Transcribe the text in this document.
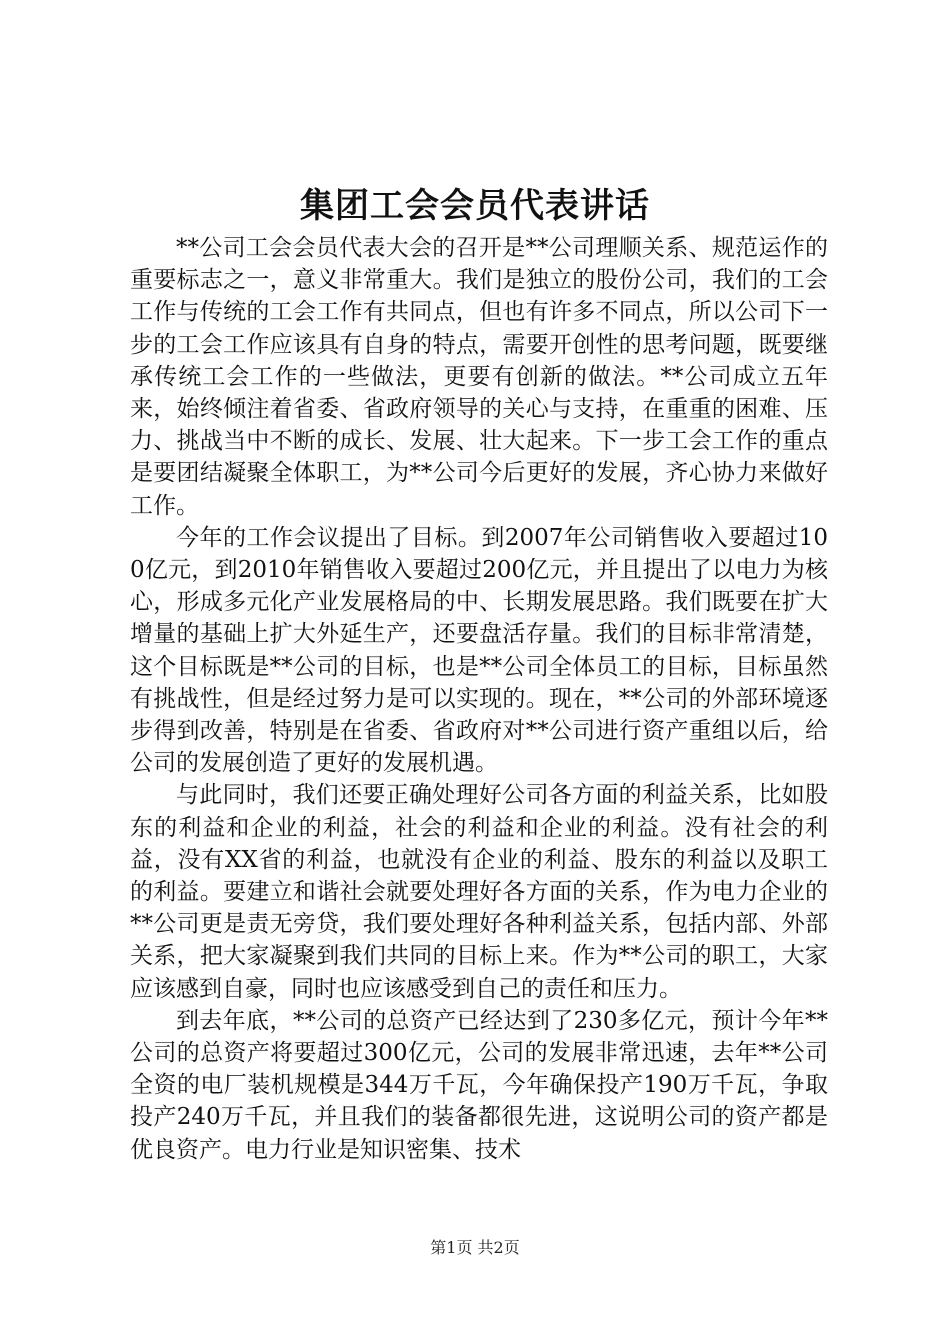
集团工会会员代表讲话

**公司工会会员代表大会的召开是**公司理顺关系、规范运作的重要标志之一，意义非常重大。我们是独立的股份公司，我们的工会工作与传统的工会工作有共同点，但也有许多不同点，所以公司下一步的工会工作应该具有自身的特点，需要开创性的思考问题，既要继承传统工会工作的一些做法，更要有创新的做法。**公司成立五年来，始终倾注着省委、省政府领导的关心与支持，在重重的困难、压力、挑战当中不断的成长、发展、壮大起来。下一步工会工作的重点是要团结凝聚全体职工，为**公司今后更好的发展，齐心协力来做好工作。

今年的工作会议提出了目标。到2007年公司销售收入要超过100亿元，到2010年销售收入要超过200亿元，并且提出了以电力为核心，形成多元化产业发展格局的中、长期发展思路。我们既要在扩大增量的基础上扩大外延生产，还要盘活存量。我们的目标非常清楚，这个目标既是**公司的目标，也是**公司全体员工的目标，目标虽然有挑战性，但是经过努力是可以实现的。现在，**公司的外部环境逐步得到改善，特别是在省委、省政府对**公司进行资产重组以后，给公司的发展创造了更好的发展机遇。

与此同时，我们还要正确处理好公司各方面的利益关系，比如股东的利益和企业的利益，社会的利益和企业的利益。没有社会的利益，没有XX省的利益，也就没有企业的利益、股东的利益以及职工的利益。要建立和谐社会就要处理好各方面的关系，作为电力企业的**公司更是责无旁贷，我们要处理好各种利益关系，包括内部、外部关系，把大家凝聚到我们共同的目标上来。作为**公司的职工，大家应该感到自豪，同时也应该感受到自己的责任和压力。

到去年底，**公司的总资产已经达到了230多亿元，预计今年**公司的总资产将要超过300亿元，公司的发展非常迅速，去年**公司全资的电厂装机规模是344万千瓦，今年确保投产190万千瓦，争取投产240万千瓦，并且我们的装备都很先进，这说明公司的资产都是优良资产。电力行业是知识密集、技术

第1页 共2页
